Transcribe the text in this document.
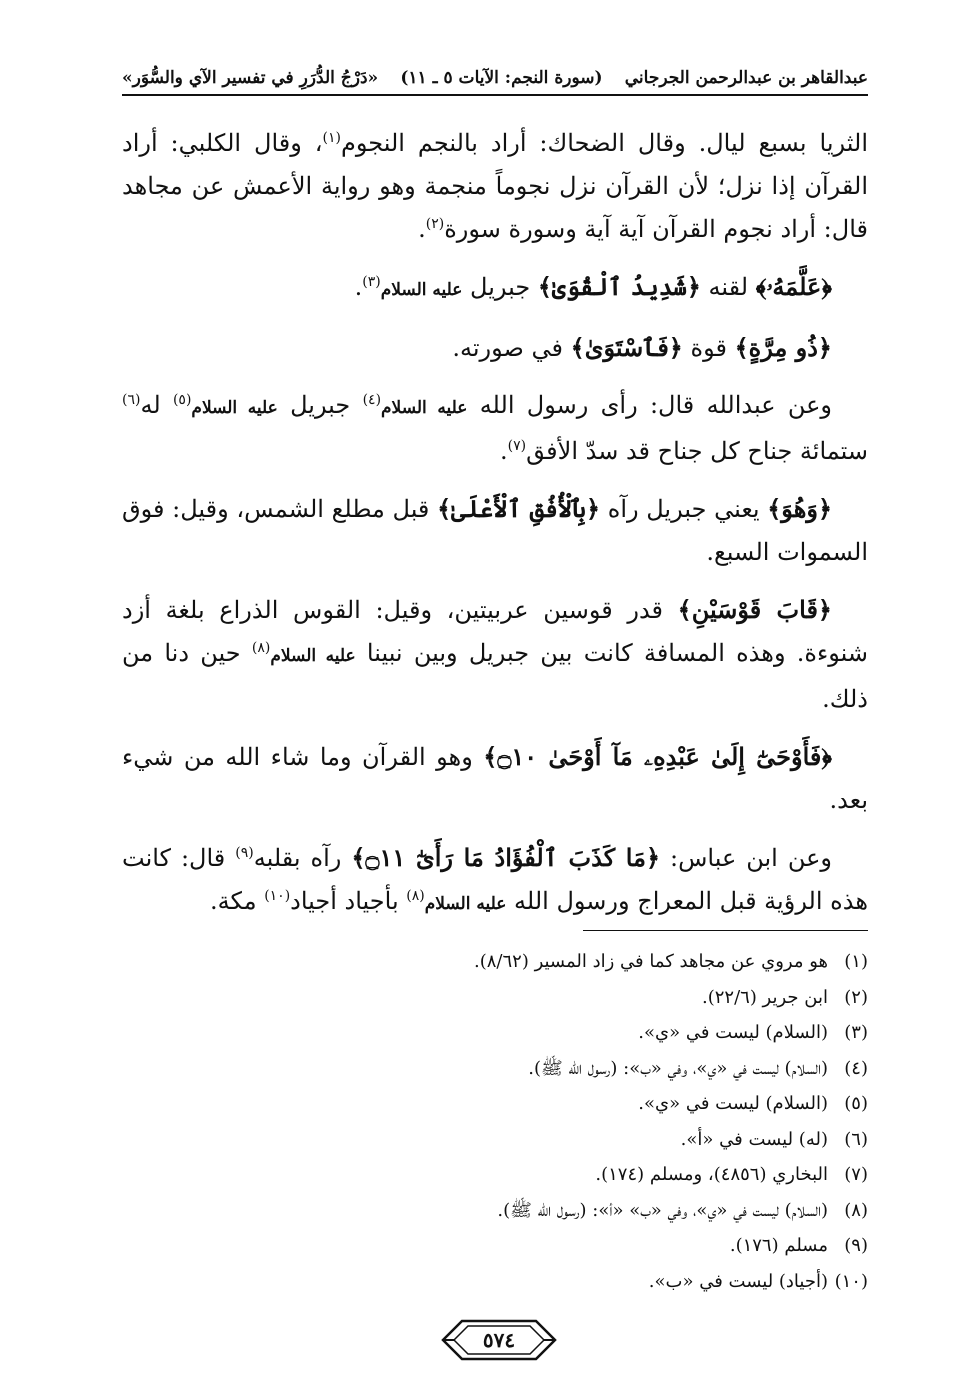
عبدالقاهر بن عبدالرحمن الجرجاني
(سورة النجم: الآيات ٥ ـ ١١)
«دَرْجُ الدُّرَرِ في تفسير الآي والسُّوَر»

الثريا بسبع ليال. وقال الضحاك: أراد بالنجم النجوم$^{(١)}$، وقال الكلبي: أراد القرآن إذا نزل؛ لأن القرآن نزل نجوماً منجمة وهو رواية الأعمش عن مجاهد قال: أراد نجوم القرآن آية آية وسورة سورة$^{(٢)}$.

﴿عَلَّمَهُۥ﴾ لقنه ﴿شَدِيدُ ٱلْقُوَىٰ﴾ جبريل عليه السلام$^{(٣)}$.

﴿ذُو مِرَّةٍ﴾ قوة ﴿فَٱسْتَوَىٰ﴾ في صورته.

وعن عبدالله قال: رأى رسول الله عليه السلام$^{(٤)}$ جبريل عليه السلام$^{(٥)}$ له$^{(٦)}$ ستمائة جناح كل جناح قد سدّ الأفق$^{(٧)}$.

﴿وَهُوَ﴾ يعني جبريل رآه ﴿بِٱلْأُفُقِ ٱلْأَعْلَىٰ﴾ قبل مطلع الشمس، وقيل: فوق السموات السبع.

﴿قَابَ قَوْسَيْنِ﴾ قدر قوسين عربيتين، وقيل: القوس الذراع بلغة أزد شنوءة. وهذه المسافة كانت بين جبريل وبين نبينا عليه السلام$^{(٨)}$ حين دنا من ذلك.

﴿فَأَوْحَىٰٓ إِلَىٰ عَبْدِهِۦ مَآ أَوْحَىٰ ۝١٠﴾ وهو القرآن وما شاء الله من شيء بعد.

وعن ابن عباس: ﴿مَا كَذَبَ ٱلْفُؤَادُ مَا رَأَىٰٓ ۝١١﴾ رآه بقلبه$^{(٩)}$ قال: كانت هذه الرؤية قبل المعراج ورسول الله عليه السلام$^{(٨)}$ بأجياد أجياد$^{(١٠)}$ مكة.

(١)هو مروي عن مجاهد كما في زاد المسير (٨/٦٢).
(٢)ابن جرير (٢٢/٦).
(٣)(السلام) ليست في «ي».
(٤)(السلام) ليست في «ي»، وفي «ب»: (رسول الله ﷺ).
(٥)(السلام) ليست في «ي».
(٦)(له) ليست في «أ».
(٧)البخاري (٤٨٥٦)، ومسلم (١٧٤).
(٨)(السلام) ليست في «ي»، وفي «ب» «أ»: (رسول الله ﷺ).
(٩)مسلم (١٧٦).
(١٠)(أجياد) ليست في «ب».
٥٧٤
